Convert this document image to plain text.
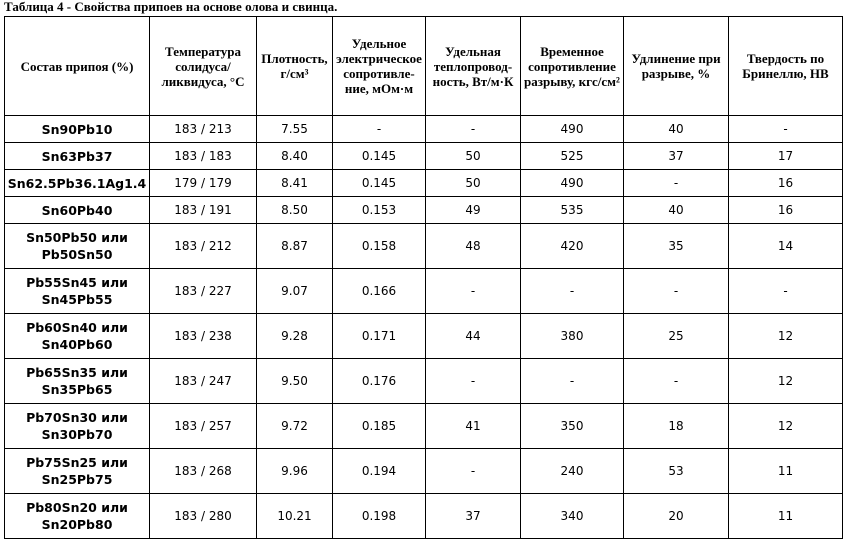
Таблица 4 - Свойства припоев на основе олова и свинца.
Состав припоя (%)	Температура солидуса/ ликвидуса, °С	Плотность, г/см³	Удельное электрическое сопротивление, мОм·м	Удельная теплопроводность, Вт/м·К	Временное сопротивление разрыву, кгс/см²	Удлинение при разрыве, %	Твердость по Бринеллю, НВ
Sn90Pb10	183 / 213	7.55	-	-	490	40	-
Sn63Pb37	183 / 183	8.40	0.145	50	525	37	17
Sn62.5Pb36.1Ag1.4	179 / 179	8.41	0.145	50	490	-	16
Sn60Pb40	183 / 191	8.50	0.153	49	535	40	16
Sn50Pb50 или Pb50Sn50	183 / 212	8.87	0.158	48	420	35	14
Pb55Sn45 или Sn45Pb55	183 / 227	9.07	0.166	-	-	-	-
Pb60Sn40 или Sn40Pb60	183 / 238	9.28	0.171	44	380	25	12
Pb65Sn35 или Sn35Pb65	183 / 247	9.50	0.176	-	-	-	12
Pb70Sn30 или Sn30Pb70	183 / 257	9.72	0.185	41	350	18	12
Pb75Sn25 или Sn25Pb75	183 / 268	9.96	0.194	-	240	53	11
Pb80Sn20 или Sn20Pb80	183 / 280	10.21	0.198	37	340	20	11
